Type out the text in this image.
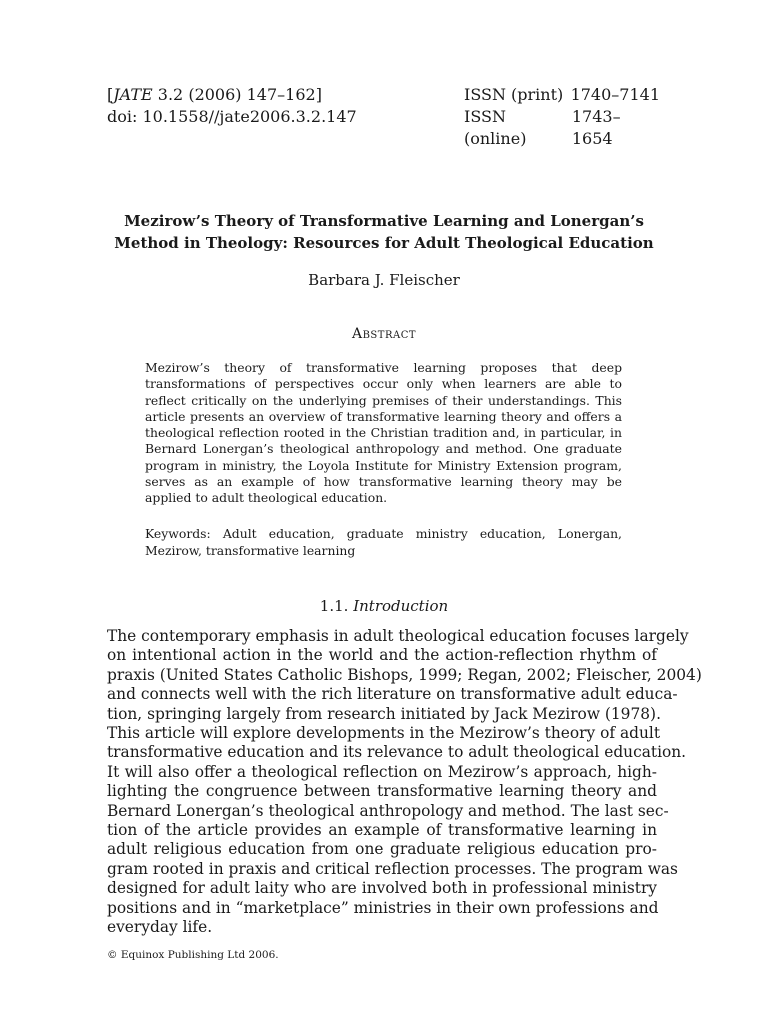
[JATE 3.2 (2006) 147–162]
doi: 10.1558//jate2006.3.2.147
ISSN (print) 1740–7141
ISSN (online)
1743–1654
Mezirow’s Theory of Transformative Learning and Lonergan’s
Method in Theology: Resources for Adult Theological Education
Barbara J. Fleischer
Abstract
Mezirow’s theory of transformative learning proposes that deep transformations of perspectives occur only when learners are able to reflect critically on the underlying premises of their understandings. This article presents an overview of transformative learning theory and offers a theological reflection rooted in the Christian tradition and, in particular, in Bernard Lonergan’s theological anthropology and method. One graduate program in ministry, the Loyola Institute for Ministry Extension program, serves as an example of how transformative learning theory may be applied to adult theological education.
Keywords: Adult education, graduate ministry education, Lonergan, Mezirow, transformative learning
1.1. Introduction
The contemporary emphasis in adult theological education focuses largely
on intentional action in the world and the action-reflection rhythm of
praxis (United States Catholic Bishops, 1999; Regan, 2002; Fleischer, 2004)
and connects well with the rich literature on transformative adult educa-
tion, springing largely from research initiated by Jack Mezirow (1978).
This article will explore developments in the Mezirow’s theory of adult
transformative education and its relevance to adult theological education.
It will also offer a theological reflection on Mezirow’s approach, high-
lighting the congruence between transformative learning theory and
Bernard Lonergan’s theological anthropology and method. The last sec-
tion of the article provides an example of transformative learning in
adult religious education from one graduate religious education pro-
gram rooted in praxis and critical reflection processes. The program was
designed for adult laity who are involved both in professional ministry
positions and in “marketplace” ministries in their own professions and
everyday life.
© Equinox Publishing Ltd 2006.
